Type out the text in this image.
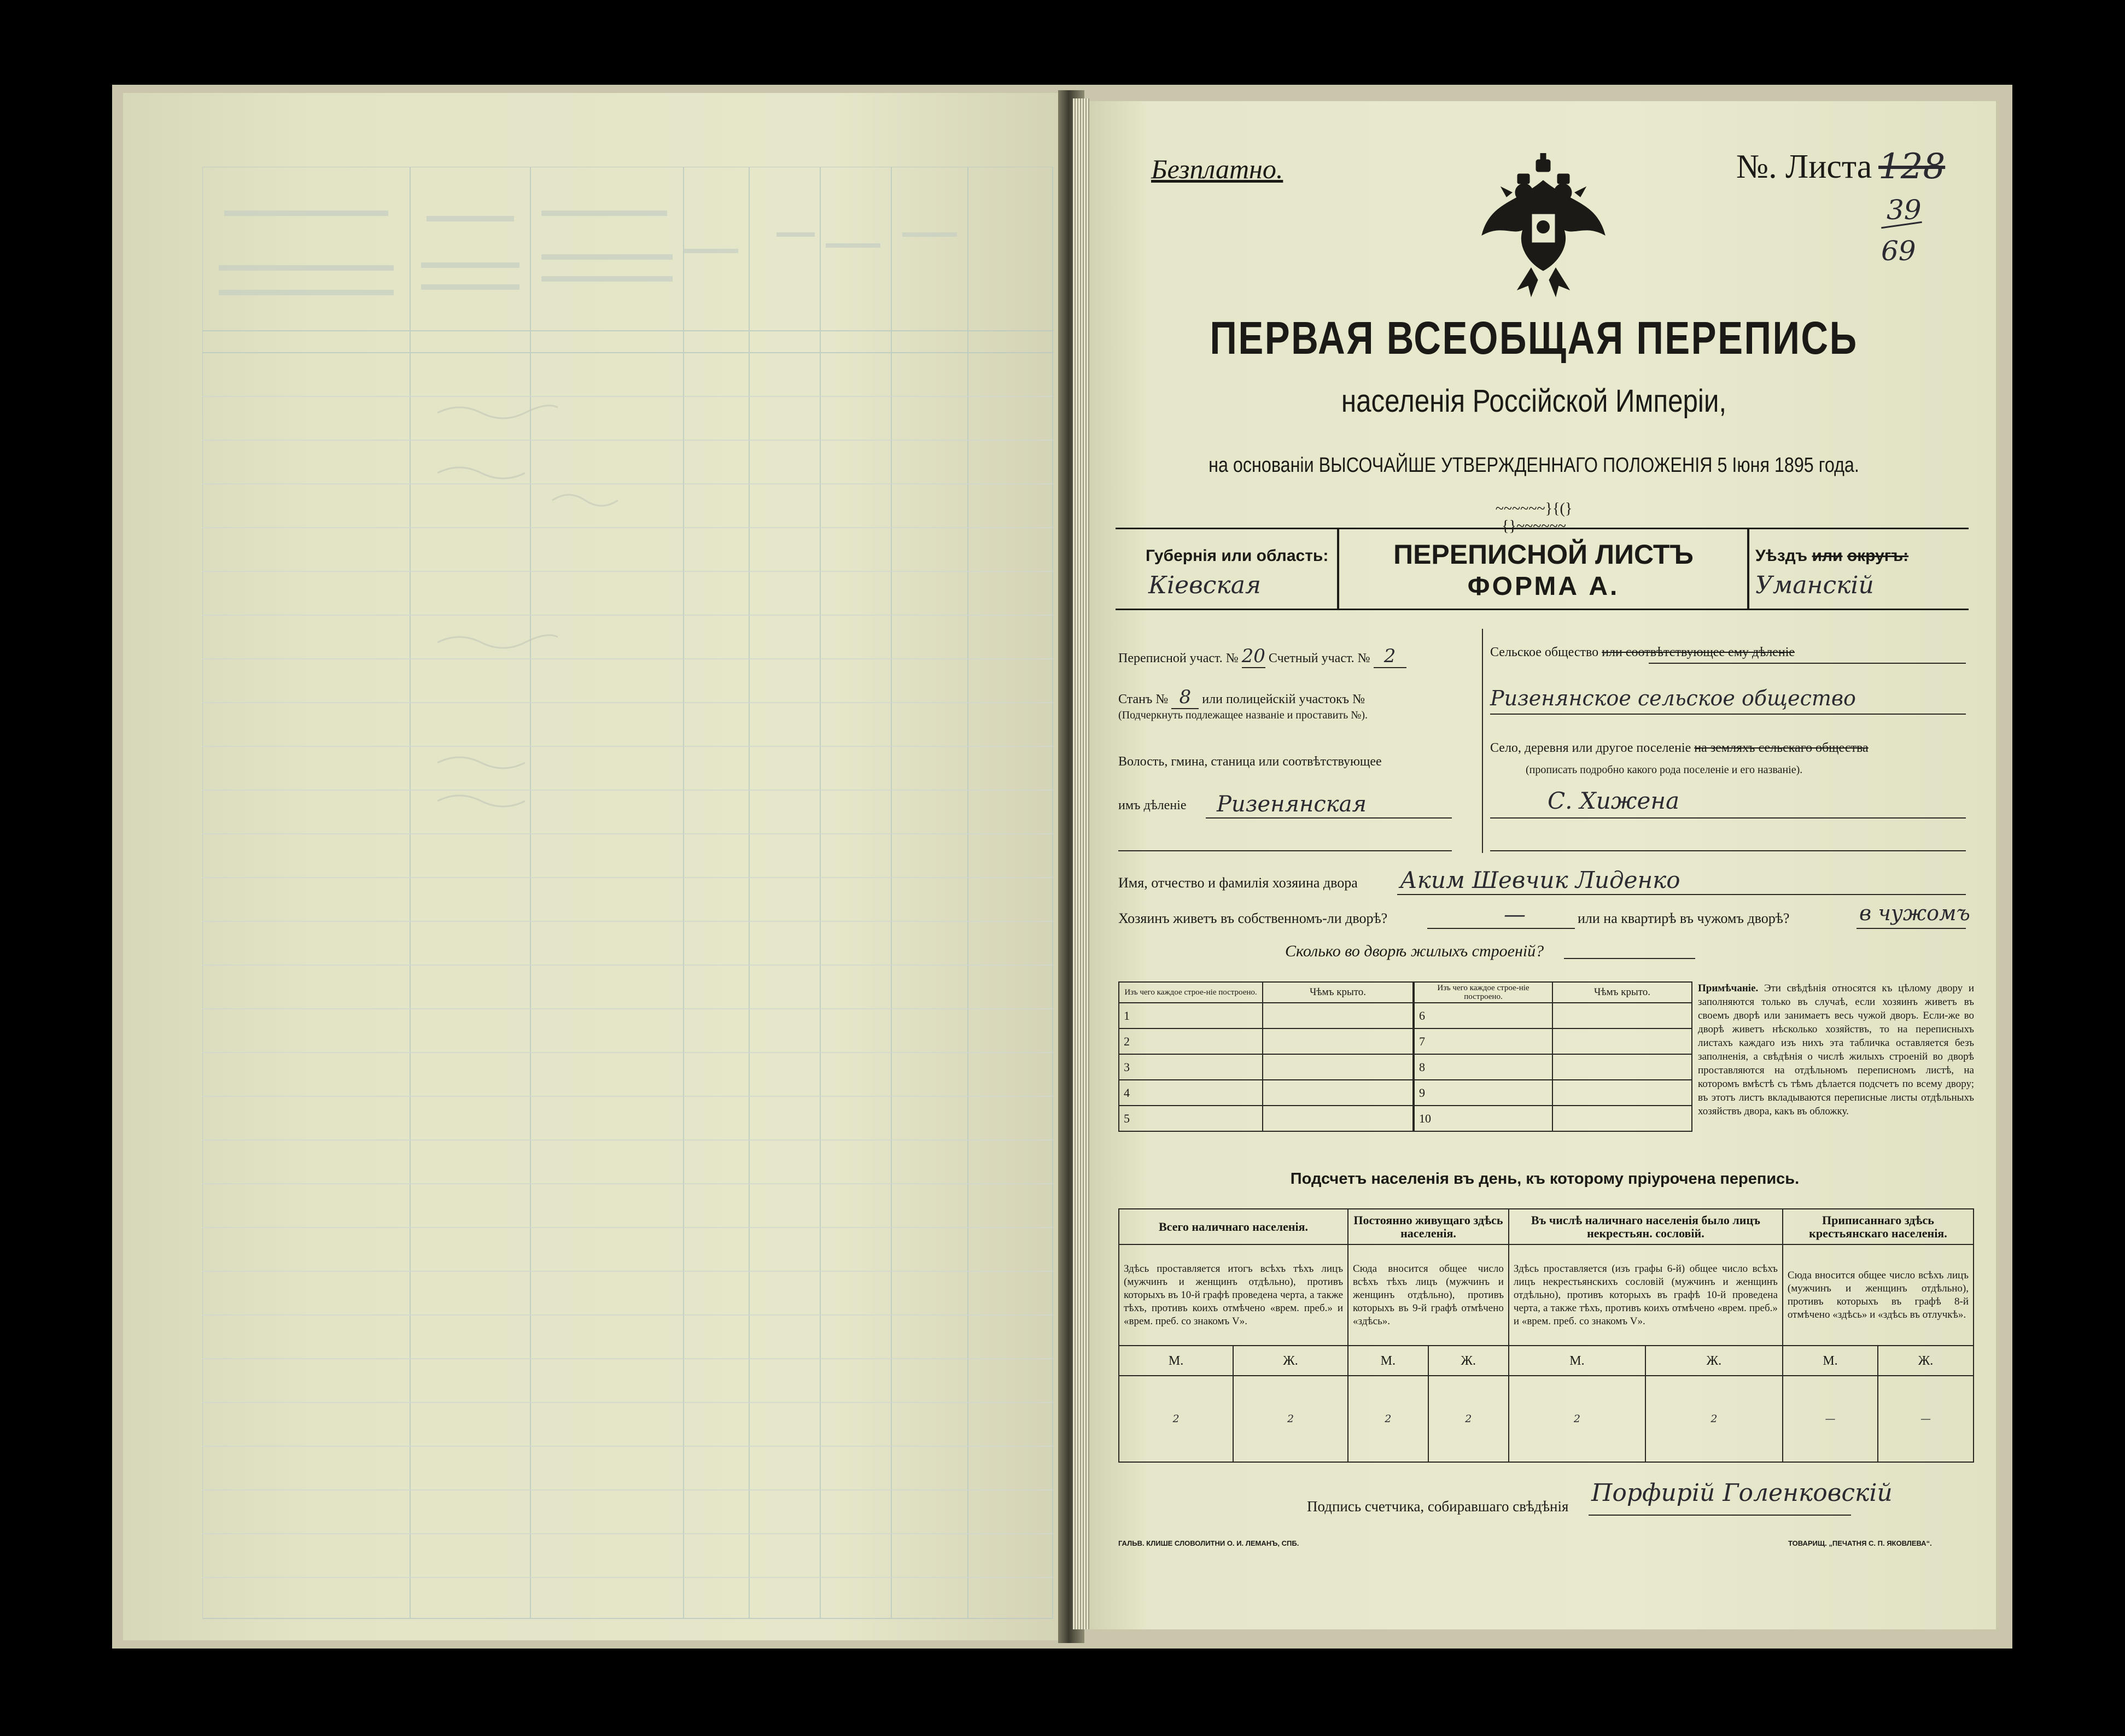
Безплатно.	№. Листа 128
39
69
ПЕРВАЯ ВСЕОБЩАЯ ПЕРЕПИСЬ
населенія Россійской Имперіи,
на основаніи ВЫСОЧАЙШЕ УТВЕРЖДЕННАГО ПОЛОЖЕНІЯ 5 Іюня 1895 года.
~~~~~~}{(}{}~~~~~~
Губернія или область:
Кіевская
ПЕРЕПИСНОЙ ЛИСТЪ
ФОРМА А.
Уѣздъ или округъ:
Уманскій
Переписной участ. № 20 Счетный участ. № 2
Станъ № 8 или полицейскій участокъ №
(Подчеркнуть подлежащее названіе и проставить №).
Волость, гмина, станица или соотвѣтствующее
имъ дѣленіе Ризенянская
Сельское общество или соотвѣтствующее ему дѣленіе
Ризенянское сельское общество
Село, деревня или другое поселеніе на земляхъ сельскаго общества
(прописать подробно какого рода поселеніе и его названіе).
С. Хижена
Имя, отчество и фамилія хозяина двора Аким Шевчик Лиденко
Хозяинъ живетъ въ собственномъ-ли дворѣ?	—	или на квартирѣ въ чужомъ дворѣ?	в чужомъ
Сколько во дворѣ жилыхъ строеній?
Изъ чего каждое строе-ніе построено.	Чѣмъ крыто.
1	
2	
3	
4	
5	
Изъ чего каждое строе-ніе построено.	Чѣмъ крыто.
6	
7	
8	
9	
10	
Примѣчаніе. Эти свѣдѣнія относятся къ цѣлому двору и заполняются только въ случаѣ, если хозяинъ живетъ въ своемъ дворѣ или занимаетъ весь чужой дворъ. Если-же во дворѣ живетъ нѣсколько хозяйствъ, то на переписныхъ листахъ каждаго изъ нихъ эта табличка оставляется безъ заполненія, а свѣдѣнія о числѣ жилыхъ строеній во дворѣ проставляются на отдѣльномъ переписномъ листѣ, на которомъ вмѣстѣ съ тѣмъ дѣлается подсчетъ по всему двору; въ этотъ листъ вкладываются переписные листы отдѣльныхъ хозяйствъ двора, какъ въ обложку.
Подсчетъ населенія въ день, къ которому пріурочена перепись.
Всего наличнаго населенія.		Постоянно живущаго здѣсь населенія.		Въ числѣ наличнаго населенія было лицъ некрестьян. сословій.		Приписаннаго здѣсь крестьянскаго населенія.	
Здѣсь проставляется итогъ всѣхъ тѣхъ лицъ (мужчинъ и женщинъ отдѣльно), противъ которыхъ въ 10-й графѣ проведена черта, а также тѣхъ, противъ коихъ отмѣчено «врем. преб.» и «врем. преб. со знакомъ V».		Сюда вносится общее число всѣхъ тѣхъ лицъ (мужчинъ и женщинъ отдѣльно), противъ которыхъ въ 9-й графѣ отмѣчено «здѣсь».		Здѣсь проставляется (изъ графы 6-й) общее число всѣхъ лицъ некрестьянскихъ сословій (мужчинъ и женщинъ отдѣльно), противъ которыхъ въ графѣ 10-й проведена черта, а также тѣхъ, противъ коихъ отмѣчено «врем. преб.» и «врем. преб. со знакомъ V».		Сюда вносится общее число всѣхъ лицъ (мужчинъ и женщинъ отдѣльно), противъ которыхъ въ графѣ 8-й отмѣчено «здѣсь» и «здѣсь въ отлучкѣ».	
М.	Ж.	М.	Ж.	М.	Ж.	М.	Ж.
2	2	2	2	2	2	—	—
Подпись счетчика, собиравшаго свѣдѣнія Порфирій Голенковскій
ГАЛЬВ. КЛИШЕ СЛОВОЛИТНИ О. И. ЛЕМАНЪ, СПБ.	ТОВАРИЩ. „ПЕЧАТНЯ С. П. ЯКОВЛЕВА“.
